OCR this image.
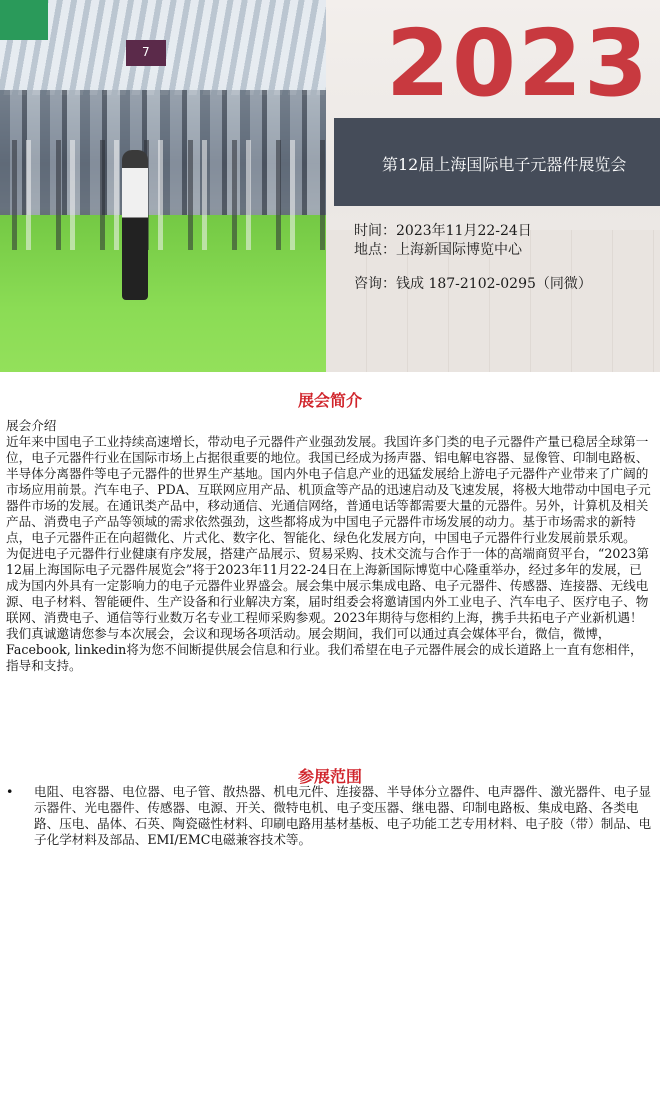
7	2023
第12届上海国际电子元器件展览会
时间：2023年11月22-24日
地点：上海新国际博览中心
咨询：钱成 187-2102-0295（同微）
展会简介

展会介绍

近年来中国电子工业持续高速增长，带动电子元器件产业强劲发展。我国许多门类的电子元器件产量已稳居全球第一位，电子元器件行业在国际市场上占据很重要的地位。我国已经成为扬声器、铝电解电容器、显像管、印制电路板、半导体分离器件等电子元器件的世界生产基地。国内外电子信息产业的迅猛发展给上游电子元器件产业带来了广阔的市场应用前景。汽车电子、PDA、互联网应用产品、机顶盒等产品的迅速启动及飞速发展，将极大地带动中国电子元器件市场的发展。在通讯类产品中，移动通信、光通信网络，普通电话等都需要大量的元器件。另外，计算机及相关产品、消费电子产品等领域的需求依然强劲，这些都将成为中国电子元器件市场发展的动力。基于市场需求的新特点，电子元器件正在向超微化、片式化、数字化、智能化、绿色化发展方向，中国电子元器件行业发展前景乐观。

为促进电子元器件行业健康有序发展，搭建产品展示、贸易采购、技术交流与合作于一体的高端商贸平台，“2023第12届上海国际电子元器件展览会”将于2023年11月22-24日在上海新国际博览中心隆重举办，经过多年的发展，已成为国内外具有一定影响力的电子元器件业界盛会。展会集中展示集成电路、电子元器件、传感器、连接器、无线电源、电子材料、智能硬件、生产设备和行业解决方案，届时组委会将邀请国内外工业电子、汽车电子、医疗电子、物联网、消费电子、通信等行业数万名专业工程师采购参观。2023年期待与您相约上海，携手共拓电子产业新机遇！我们真诚邀请您参与本次展会，会议和现场各项活动。展会期间，我们可以通过真会媒体平台，微信，微博，Facebook, linkedin将为您不间断提供展会信息和行业。我们希望在电子元器件展会的成长道路上一直有您相伴，指导和支持。

参展范围
•	电阻、电容器、电位器、电子管、散热器、机电元件、连接器、半导体分立器件、电声器件、激光器件、电子显示器件、光电器件、传感器、电源、开关、微特电机、电子变压器、继电器、印制电路板、集成电路、各类电路、压电、晶体、石英、陶瓷磁性材料、印刷电路用基材基板、电子功能工艺专用材料、电子胶（带）制品、电子化学材料及部品、EMI/EMC电磁兼容技术等。
